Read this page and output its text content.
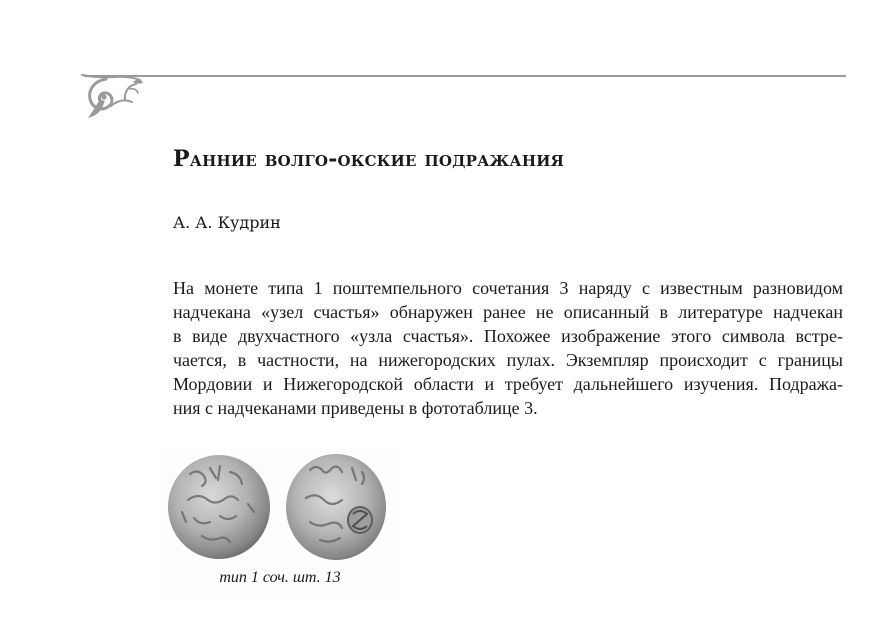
Ранние волго-окские подражания
А. А. Кудрин
На монете типа 1 поштемпельного сочетания 3 наряду с известным разновидом
надчекана «узел счастья» обнаружен ранее не описанный в литературе надчекан
в виде двухчастного «узла счастья». Похожее изображение этого символа встре-
чается, в частности, на нижегородских пулах. Экземпляр происходит с границы
Мордовии и Нижегородской области и требует дальнейшего изучения. Подража-
ния с надчеканами приведены в фототаблице 3.
тип 1 соч. шт. 13
